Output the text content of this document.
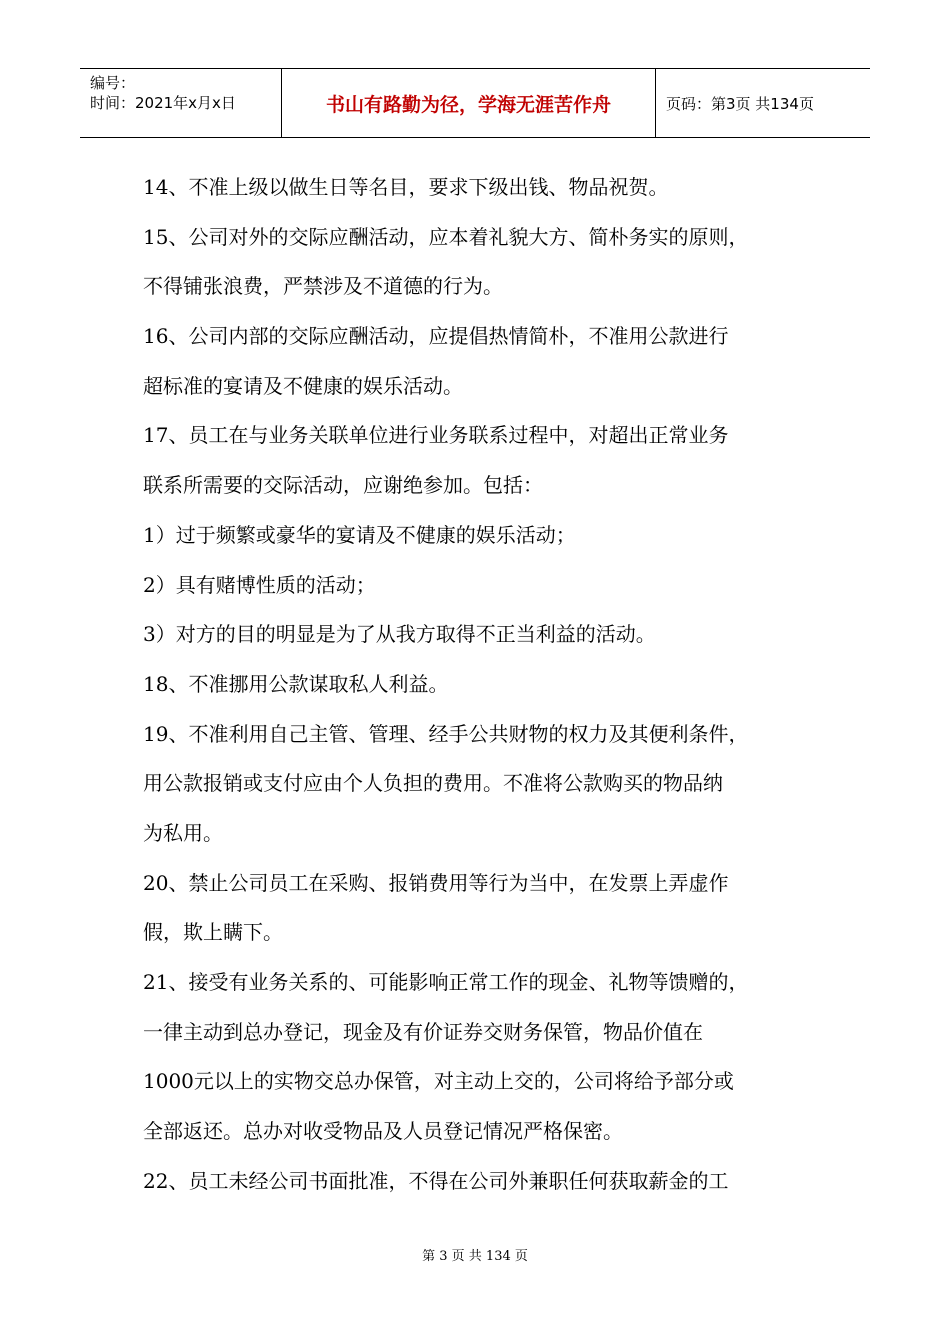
编号：
时间：2021年x月x日	书山有路勤为径，学海无涯苦作舟	页码：第3页 共134页
14、不准上级以做生日等名目，要求下级出钱、物品祝贺。
15、公司对外的交际应酬活动，应本着礼貌大方、简朴务实的原则，
不得铺张浪费，严禁涉及不道德的行为。
16、公司内部的交际应酬活动，应提倡热情简朴，不准用公款进行
超标准的宴请及不健康的娱乐活动。
17、员工在与业务关联单位进行业务联系过程中，对超出正常业务
联系所需要的交际活动，应谢绝参加。包括：
1）过于频繁或豪华的宴请及不健康的娱乐活动；
2）具有赌博性质的活动；
3）对方的目的明显是为了从我方取得不正当利益的活动。
18、不准挪用公款谋取私人利益。
19、不准利用自己主管、管理、经手公共财物的权力及其便利条件，
用公款报销或支付应由个人负担的费用。不准将公款购买的物品纳
为私用。
20、禁止公司员工在采购、报销费用等行为当中，在发票上弄虚作
假，欺上瞒下。
21、接受有业务关系的、可能影响正常工作的现金、礼物等馈赠的，
一律主动到总办登记，现金及有价证券交财务保管，物品价值在
1000元以上的实物交总办保管，对主动上交的，公司将给予部分或
全部返还。总办对收受物品及人员登记情况严格保密。
22、员工未经公司书面批准，不得在公司外兼职任何获取薪金的工
第 3 页 共 134 页
